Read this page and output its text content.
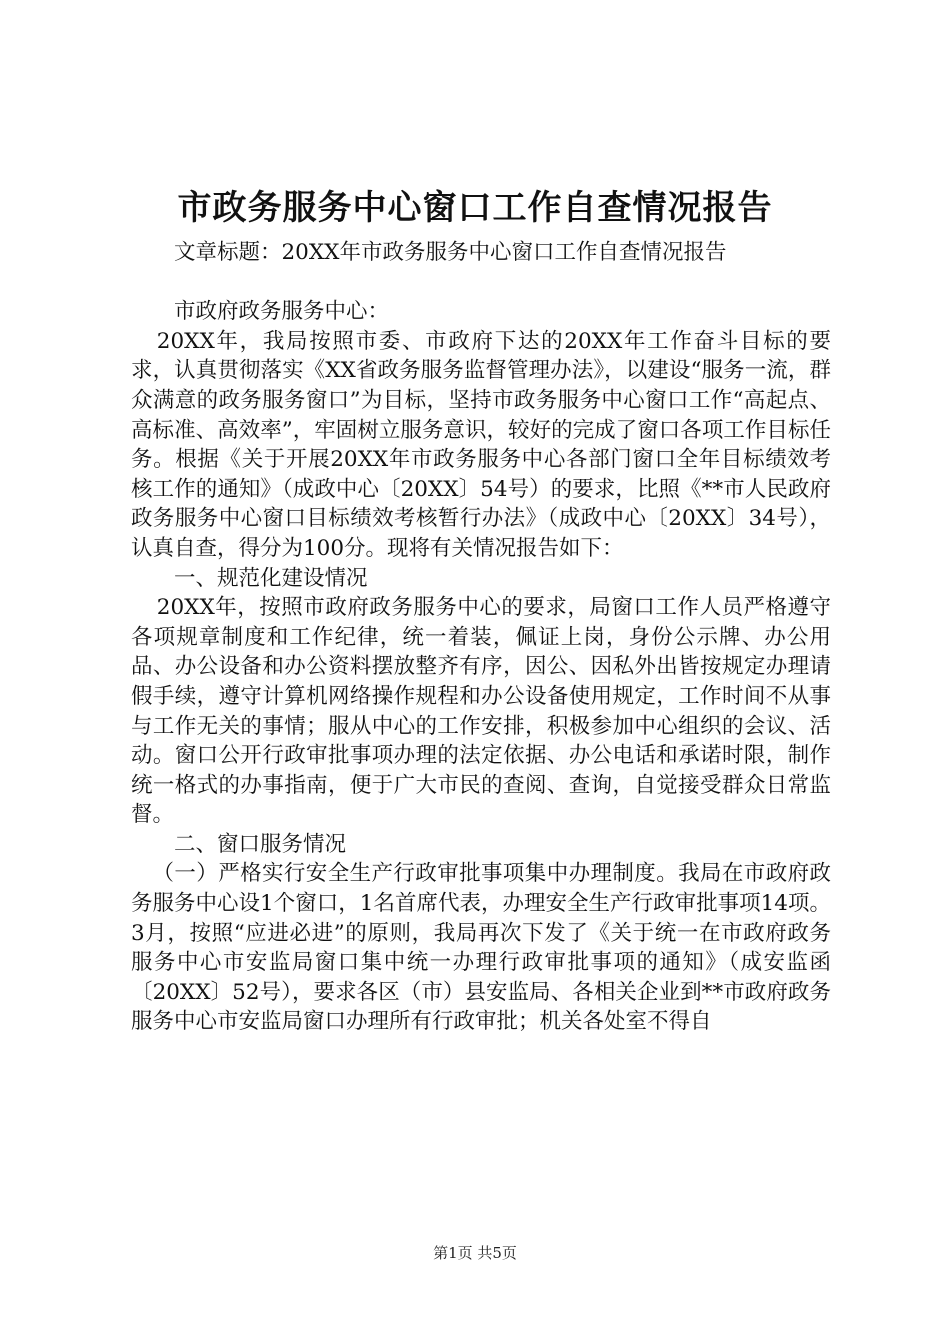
市政务服务中心窗口工作自查情况报告

文章标题：20XX年市政务服务中心窗口工作自查情况报告

市政府政务服务中心：

20XX年，我局按照市委、市政府下达的20XX年工作奋斗目标的要求，认真贯彻落实《XX省政务服务监督管理办法》，以建设“服务一流，群众满意的政务服务窗口”为目标，坚持市政务服务中心窗口工作“高起点、高标准、高效率”，牢固树立服务意识，较好的完成了窗口各项工作目标任务。根据《关于开展20XX年市政务服务中心各部门窗口全年目标绩效考核工作的通知》（成政中心〔20XX〕54号）的要求，比照《**市人民政府政务服务中心窗口目标绩效考核暂行办法》（成政中心〔20XX〕34号），认真自查，得分为100分。现将有关情况报告如下：

一、规范化建设情况

20XX年，按照市政府政务服务中心的要求，局窗口工作人员严格遵守各项规章制度和工作纪律，统一着装，佩证上岗，身份公示牌、办公用品、办公设备和办公资料摆放整齐有序，因公、因私外出皆按规定办理请假手续，遵守计算机网络操作规程和办公设备使用规定，工作时间不从事与工作无关的事情；服从中心的工作安排，积极参加中心组织的会议、活动。窗口公开行政审批事项办理的法定依据、办公电话和承诺时限，制作统一格式的办事指南，便于广大市民的查阅、查询，自觉接受群众日常监督。

二、窗口服务情况

（一）严格实行安全生产行政审批事项集中办理制度。我局在市政府政务服务中心设1个窗口，1名首席代表，办理安全生产行政审批事项14项。3月，按照“应进必进”的原则，我局再次下发了《关于统一在市政府政务服务中心市安监局窗口集中统一办理行政审批事项的通知》（成安监函〔20XX〕52号），要求各区（市）县安监局、各相关企业到**市政府政务服务中心市安监局窗口办理所有行政审批；机关各处室不得自

第1页 共5页
